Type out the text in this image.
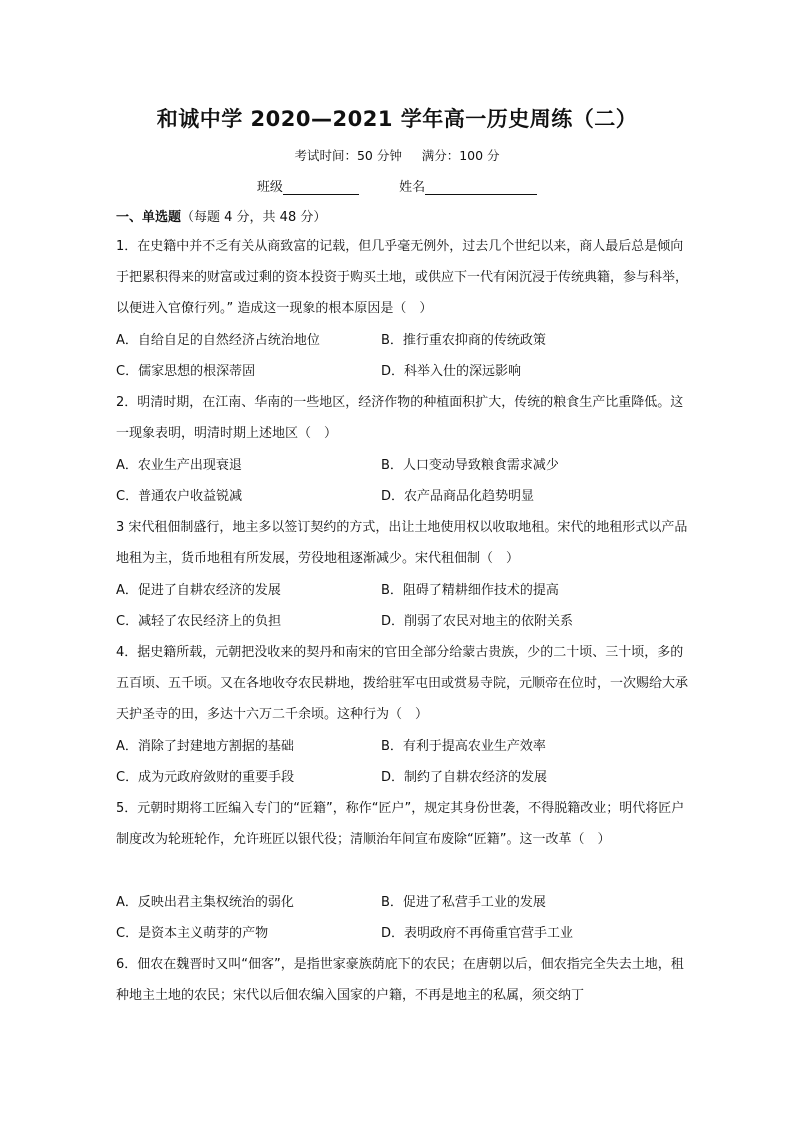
和诚中学 2020—2021 学年高一历史周练（二）
考试时间：50 分钟     满分：100 分
班级	姓名
一、单选题（每题 4 分，共 48 分）
1．在史籍中并不乏有关从商致富的记载，但几乎毫无例外，过去几个世纪以来，商人最后总是倾向于把累积得来的财富或过剩的资本投资于购买土地，或供应下一代有闲沉浸于传统典籍，参与科举，以便进入官僚行列。” 造成这一现象的根本原因是（　）
A．自给自足的自然经济占统治地位	B．推行重农抑商的传统政策
C．儒家思想的根深蒂固	D．科举入仕的深远影响
2．明清时期，在江南、华南的一些地区，经济作物的种植面积扩大，传统的粮食生产比重降低。这一现象表明，明清时期上述地区（　）
A．农业生产出现衰退	B．人口变动导致粮食需求减少
C．普通农户收益锐减	D．农产品商品化趋势明显
3 宋代租佃制盛行，地主多以签订契约的方式，出让土地使用权以收取地租。宋代的地租形式以产品地租为主，货币地租有所发展，劳役地租逐渐减少。宋代租佃制（　）
A．促进了自耕农经济的发展	B．阻碍了精耕细作技术的提高
C．减轻了农民经济上的负担	D．削弱了农民对地主的依附关系
4．据史籍所载，元朝把没收来的契丹和南宋的官田全部分给蒙古贵族，少的二十顷、三十顷，多的五百顷、五千顷。又在各地收夺农民耕地，拨给驻军屯田或赏易寺院，元顺帝在位时，一次赐给大承天护圣寺的田，多达十六万二千余顷。这种行为（　）
A．消除了封建地方割据的基础	B．有利于提高农业生产效率
C．成为元政府敛财的重要手段	D．制约了自耕农经济的发展
5．元朝时期将工匠编入专门的“匠籍”，称作“匠户”，规定其身份世袭，不得脱籍改业；明代将匠户制度改为轮班轮作，允许班匠以银代役；清顺治年间宣布废除“匠籍”。这一改革（　）
A．反映出君主集权统治的弱化	B．促进了私营手工业的发展
C．是资本主义萌芽的产物	D．表明政府不再倚重官营手工业
6．佃农在魏晋时又叫“佃客”，是指世家豪族荫庇下的农民；在唐朝以后，佃农指完全失去土地，租种地主土地的农民；宋代以后佃农编入国家的户籍，不再是地主的私属，须交纳丁
